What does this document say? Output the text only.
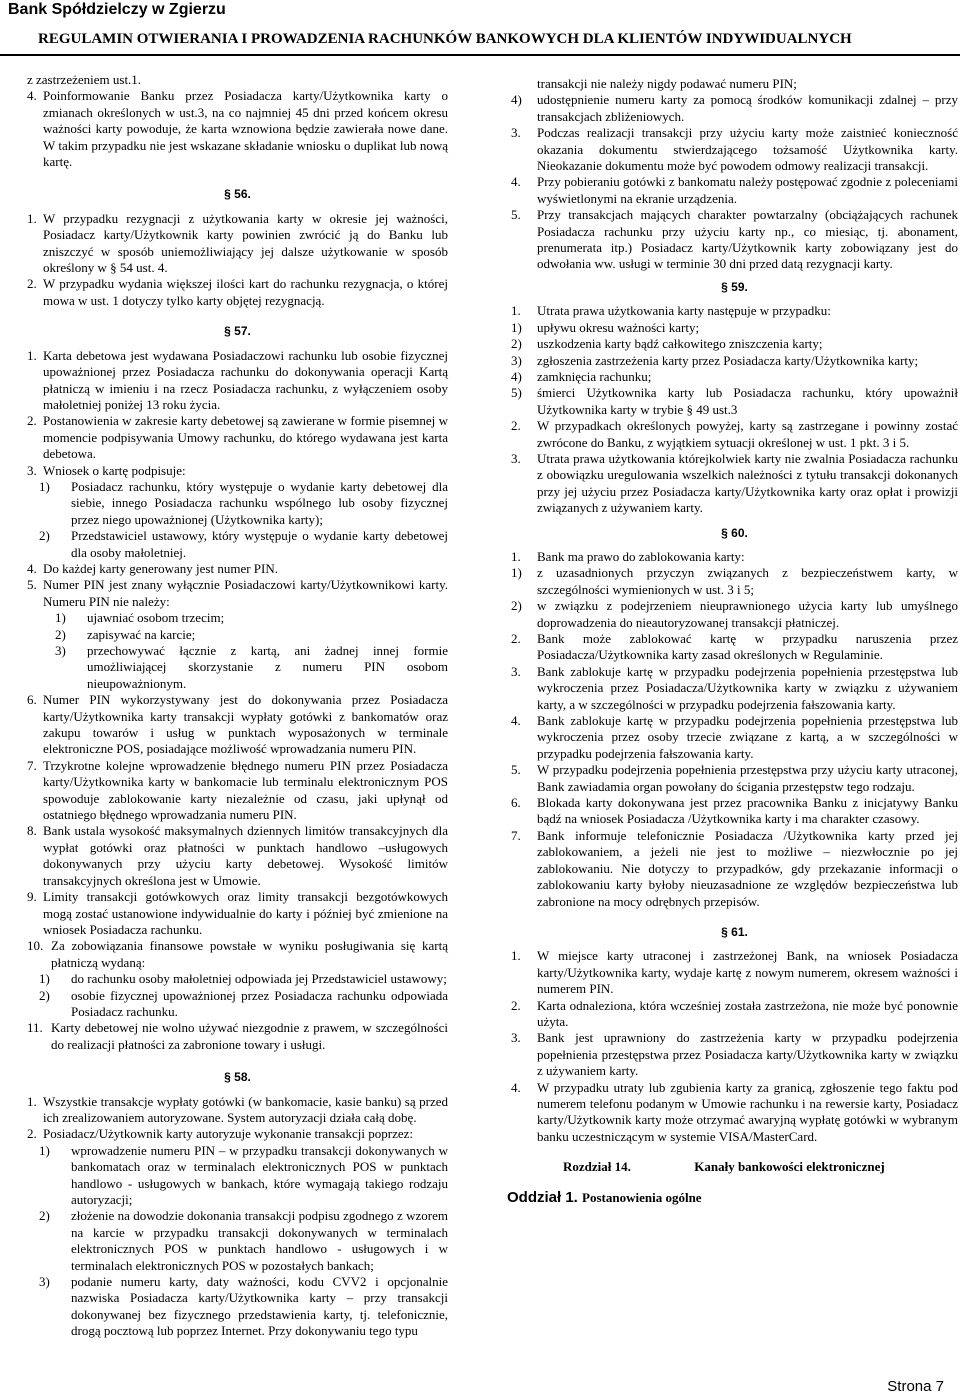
Bank Spółdzielczy w Zgierzu
REGULAMIN OTWIERANIA I PROWADZENIA RACHUNKÓW BANKOWYCH DLA KLIENTÓW INDYWIDUALNYCH

z zastrzeżeniem ust.1.

4. Poinformowanie Banku przez Posiadacza karty/Użytkownika karty o zmianach określonych w ust.3, na co najmniej 45 dni przed końcem okresu ważności karty powoduje, że karta wznowiona będzie zawierała nowe dane. W takim przypadku nie jest wskazane składanie wniosku o duplikat lub nową kartę.
§ 56.
1. W przypadku rezygnacji z użytkowania karty w okresie jej ważności, Posiadacz karty/Użytkownik karty powinien zwrócić ją do Banku lub zniszczyć w sposób uniemożliwiający jej dalsze użytkowanie w sposób określony w § 54 ust. 4.
2. W przypadku wydania większej ilości kart do rachunku rezygnacja, o której mowa w ust. 1 dotyczy tylko karty objętej rezygnacją.
§ 57.
1. Karta debetowa jest wydawana Posiadaczowi rachunku lub osobie fizycznej upoważnionej przez Posiadacza rachunku do dokonywania operacji Kartą płatniczą w imieniu i na rzecz Posiadacza rachunku, z wyłączeniem osoby małoletniej poniżej 13 roku życia.
2. Postanowienia w zakresie karty debetowej są zawierane w formie pisemnej w momencie podpisywania Umowy rachunku, do którego wydawana jest karta debetowa.
3. Wniosek o kartę podpisuje:
1) Posiadacz rachunku, który występuje o wydanie karty debetowej dla siebie, innego Posiadacza rachunku wspólnego lub osoby fizycznej przez niego upoważnionej (Użytkownika karty);
2) Przedstawiciel ustawowy, który występuje o wydanie karty debetowej dla osoby małoletniej.
4. Do każdej karty generowany jest numer PIN.
5. Numer PIN jest znany wyłącznie Posiadaczowi karty/Użytkownikowi karty. Numeru PIN nie należy:
1) ujawniać osobom trzecim;
2) zapisywać na karcie;
3) przechowywać łącznie z kartą, ani żadnej innej formie umożliwiającej skorzystanie z numeru PIN osobom nieupoważnionym.
6. Numer PIN wykorzystywany jest do dokonywania przez Posiadacza karty/Użytkownika karty transakcji wypłaty gotówki z bankomatów oraz zakupu towarów i usług w punktach wyposażonych w terminale elektroniczne POS, posiadające możliwość wprowadzania numeru PIN.
7. Trzykrotne kolejne wprowadzenie błędnego numeru PIN przez Posiadacza karty/Użytkownika karty w bankomacie lub terminalu elektronicznym POS spowoduje zablokowanie karty niezależnie od czasu, jaki upłynął od ostatniego błędnego wprowadzania numeru PIN.
8. Bank ustala wysokość maksymalnych dziennych limitów transakcyjnych dla wypłat gotówki oraz płatności w punktach handlowo –usługowych dokonywanych przy użyciu karty debetowej. Wysokość limitów transakcyjnych określona jest w Umowie.
9. Limity transakcji gotówkowych oraz limity transakcji bezgotówkowych mogą zostać ustanowione indywidualnie do karty i później być zmienione na wniosek Posiadacza rachunku.
10. Za zobowiązania finansowe powstałe w wyniku posługiwania się kartą płatniczą wydaną:
1) do rachunku osoby małoletniej odpowiada jej Przedstawiciel ustawowy;
2) osobie fizycznej upoważnionej przez Posiadacza rachunku odpowiada Posiadacz rachunku.
11. Karty debetowej nie wolno używać niezgodnie z prawem, w szczególności do realizacji płatności za zabronione towary i usługi.
§ 58.
1. Wszystkie transakcje wypłaty gotówki (w bankomacie, kasie banku) są przed ich zrealizowaniem autoryzowane. System autoryzacji działa całą dobę.
2. Posiadacz/Użytkownik karty autoryzuje wykonanie transakcji poprzez:
1) wprowadzenie numeru PIN – w przypadku transakcji dokonywanych w bankomatach oraz w terminalach elektronicznych POS w punktach handlowo - usługowych w bankach, które wymagają takiego rodzaju autoryzacji;
2) złożenie na dowodzie dokonania transakcji podpisu zgodnego z wzorem na karcie w przypadku transakcji dokonywanych w terminalach elektronicznych POS w punktach handlowo - usługowych i w terminalach elektronicznych POS w pozostałych bankach;
3) podanie numeru karty, daty ważności, kodu CVV2 i opcjonalnie nazwiska Posiadacza karty/Użytkownika karty – przy transakcji dokonywanej bez fizycznego przedstawienia karty, tj. telefonicznie, drogą pocztową lub poprzez Internet. Przy dokonywaniu tego typu

transakcji nie należy nigdy podawać numeru PIN;

4) udostępnienie numeru karty za pomocą środków komunikacji zdalnej – przy transakcjach zbliżeniowych.
3. Podczas realizacji transakcji przy użyciu karty może zaistnieć konieczność okazania dokumentu stwierdzającego tożsamość Użytkownika karty. Nieokazanie dokumentu może być powodem odmowy realizacji transakcji.
4. Przy pobieraniu gotówki z bankomatu należy postępować zgodnie z poleceniami wyświetlonymi na ekranie urządzenia.
5. Przy transakcjach mających charakter powtarzalny (obciążających rachunek Posiadacza rachunku przy użyciu karty np., co miesiąc, tj. abonament, prenumerata itp.) Posiadacz karty/Użytkownik karty zobowiązany jest do odwołania ww. usługi w terminie 30 dni przed datą rezygnacji karty.
§ 59.
1. Utrata prawa użytkowania karty następuje w przypadku:
1) upływu okresu ważności karty;
2) uszkodzenia karty bądź całkowitego zniszczenia karty;
3) zgłoszenia zastrzeżenia karty przez Posiadacza karty/Użytkownika karty;
4) zamknięcia rachunku;
5) śmierci Użytkownika karty lub Posiadacza rachunku, który upoważnił Użytkownika karty w trybie § 49 ust.3
2. W przypadkach określonych powyżej, karty są zastrzegane i powinny zostać zwrócone do Banku, z wyjątkiem sytuacji określonej w ust. 1 pkt. 3 i 5.
3. Utrata prawa użytkowania którejkolwiek karty nie zwalnia Posiadacza rachunku z obowiązku uregulowania wszelkich należności z tytułu transakcji dokonanych przy jej użyciu przez Posiadacza karty/Użytkownika karty oraz opłat i prowizji związanych z używaniem karty.
§ 60.
1. Bank ma prawo do zablokowania karty:
1) z uzasadnionych przyczyn związanych z bezpieczeństwem karty, w szczególności wymienionych w ust. 3 i 5;
2) w związku z podejrzeniem nieuprawnionego użycia karty lub umyślnego doprowadzenia do nieautoryzowanej transakcji płatniczej.
2. Bank może zablokować kartę w przypadku naruszenia przez Posiadacza/Użytkownika karty zasad określonych w Regulaminie.
3. Bank zablokuje kartę w przypadku podejrzenia popełnienia przestępstwa lub wykroczenia przez Posiadacza/Użytkownika karty w związku z używaniem karty, a w szczególności w przypadku podejrzenia fałszowania karty.
4. Bank zablokuje kartę w przypadku podejrzenia popełnienia przestępstwa lub wykroczenia przez osoby trzecie związane z kartą, a w szczególności w przypadku podejrzenia fałszowania karty.
5. W przypadku podejrzenia popełnienia przestępstwa przy użyciu karty utraconej, Bank zawiadamia organ powołany do ścigania przestępstw tego rodzaju.
6. Blokada karty dokonywana jest przez pracownika Banku z inicjatywy Banku bądź na wniosek Posiadacza /Użytkownika karty i ma charakter czasowy.
7. Bank informuje telefonicznie Posiadacza /Użytkownika karty przed jej zablokowaniem, a jeżeli nie jest to możliwe – niezwłocznie po jej zablokowaniu. Nie dotyczy to przypadków, gdy przekazanie informacji o zablokowaniu karty byłoby nieuzasadnione ze względów bezpieczeństwa lub zabronione na mocy odrębnych przepisów.
§ 61.
1. W miejsce karty utraconej i zastrzeżonej Bank, na wniosek Posiadacza karty/Użytkownika karty, wydaje kartę z nowym numerem, okresem ważności i numerem PIN.
2. Karta odnaleziona, która wcześniej została zastrzeżona, nie może być ponownie użyta.
3. Bank jest uprawniony do zastrzeżenia karty w przypadku podejrzenia popełnienia przestępstwa przez Posiadacza karty/Użytkownika karty w związku z używaniem karty.
4. W przypadku utraty lub zgubienia karty za granicą, zgłoszenie tego faktu pod numerem telefonu podanym w Umowie rachunku i na rewersie karty, Posiadacz karty/Użytkownik karty może otrzymać awaryjną wypłatę gotówki w wybranym banku uczestniczącym w systemie VISA/MasterCard.
Rozdział 14.	Kanały bankowości elektronicznej
Oddział 1. Postanowienia ogólne
Strona 7
